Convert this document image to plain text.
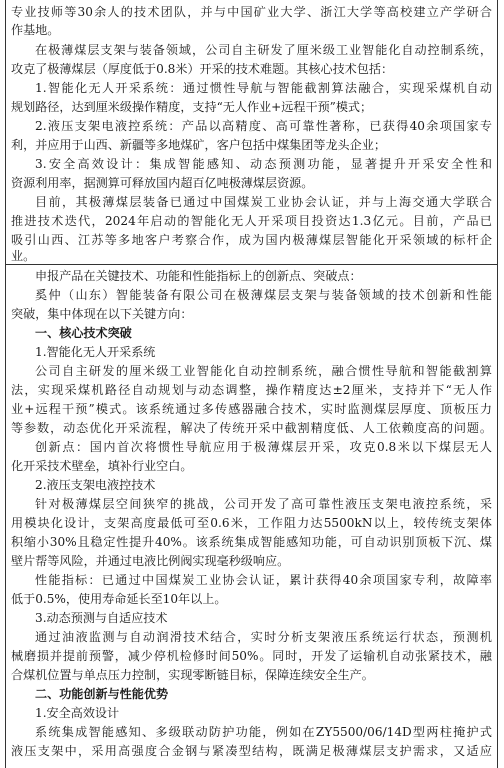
专业技师等30余人的技术团队，并与中国矿业大学、浙江大学等高校建立产学研合
作基地。
在极薄煤层支架与装备领域，公司自主研发了厘米级工业智能化自动控制系统，
攻克了极薄煤层（厚度低于0.8米）开采的技术难题。其核心技术包括：
1.智能化无人开采系统：通过惯性导航与智能截割算法融合，实现采煤机自动
规划路径，达到厘米级操作精度，支持“无人作业+远程干预”模式；
2.液压支架电液控系统：产品以高精度、高可靠性著称，已获得40余项国家专
利，并应用于山西、新疆等多地煤矿，客户包括中煤集团等龙头企业；
3.安全高效设计：集成智能感知、动态预测功能，显著提升开采安全性和
资源利用率，据测算可释放国内超百亿吨极薄煤层资源。
目前，其极薄煤层装备已通过中国煤炭工业协会认证，并与上海交通大学联合
推进技术迭代，2024年启动的智能化无人开采项目投资达1.3亿元。目前，产品已
吸引山西、江苏等多地客户考察合作，成为国内极薄煤层智能化开采领域的标杆企
业。
申报产品在关键技术、功能和性能指标上的创新点、突破点：
奚仲（山东）智能装备有限公司在极薄煤层支架与装备领域的技术创新和性能
突破，集中体现在以下关键方向：
一、核心技术突破
1.智能化无人开采系统
公司自主研发的厘米级工业智能化自动控制系统，融合惯性导航和智能截割算
法，实现采煤机路径自动规划与动态调整，操作精度达±2厘米，支持并下“无人作
业+远程干预”模式。该系统通过多传感器融合技术，实时监测煤层厚度、顶板压力
等参数，动态优化开采流程，解决了传统开采中截割精度低、人工依赖度高的问题。
创新点：国内首次将惯性导航应用于极薄煤层开采，攻克0.8米以下煤层无人
化开采技术壁垒，填补行业空白。
2.液压支架电液控技术
针对极薄煤层空间狭窄的挑战，公司开发了高可靠性液压支架电液控系统，采
用模块化设计，支架高度最低可至0.6米，工作阻力达5500kN以上，较传统支架体
积缩小30%且稳定性提升40%。该系统集成智能感知功能，可自动识别顶板下沉、煤
壁片帮等风险，并通过电液比例阀实现毫秒级响应。
性能指标：已通过中国煤炭工业协会认证，累计获得40余项国家专利，故障率
低于0.5%，使用寿命延长至10年以上。
3.动态预测与自适应技术
通过油液监测与自动润滑技术结合，实时分析支架液压系统运行状态，预测机
械磨损并提前预警，减少停机检修时间50%。同时，开发了运输机自动张紧技术，融
合煤机位置与单点压力控制，实现零断链目标，保障连续安全生产。
二、功能创新与性能优势
1.安全高效设计
系统集成智能感知、多级联动防护功能，例如在ZY5500/06/14D型两柱掩护式
液压支架中，采用高强度合金钢与紧凑型结构，既满足极薄煤层支护需求，又适应
